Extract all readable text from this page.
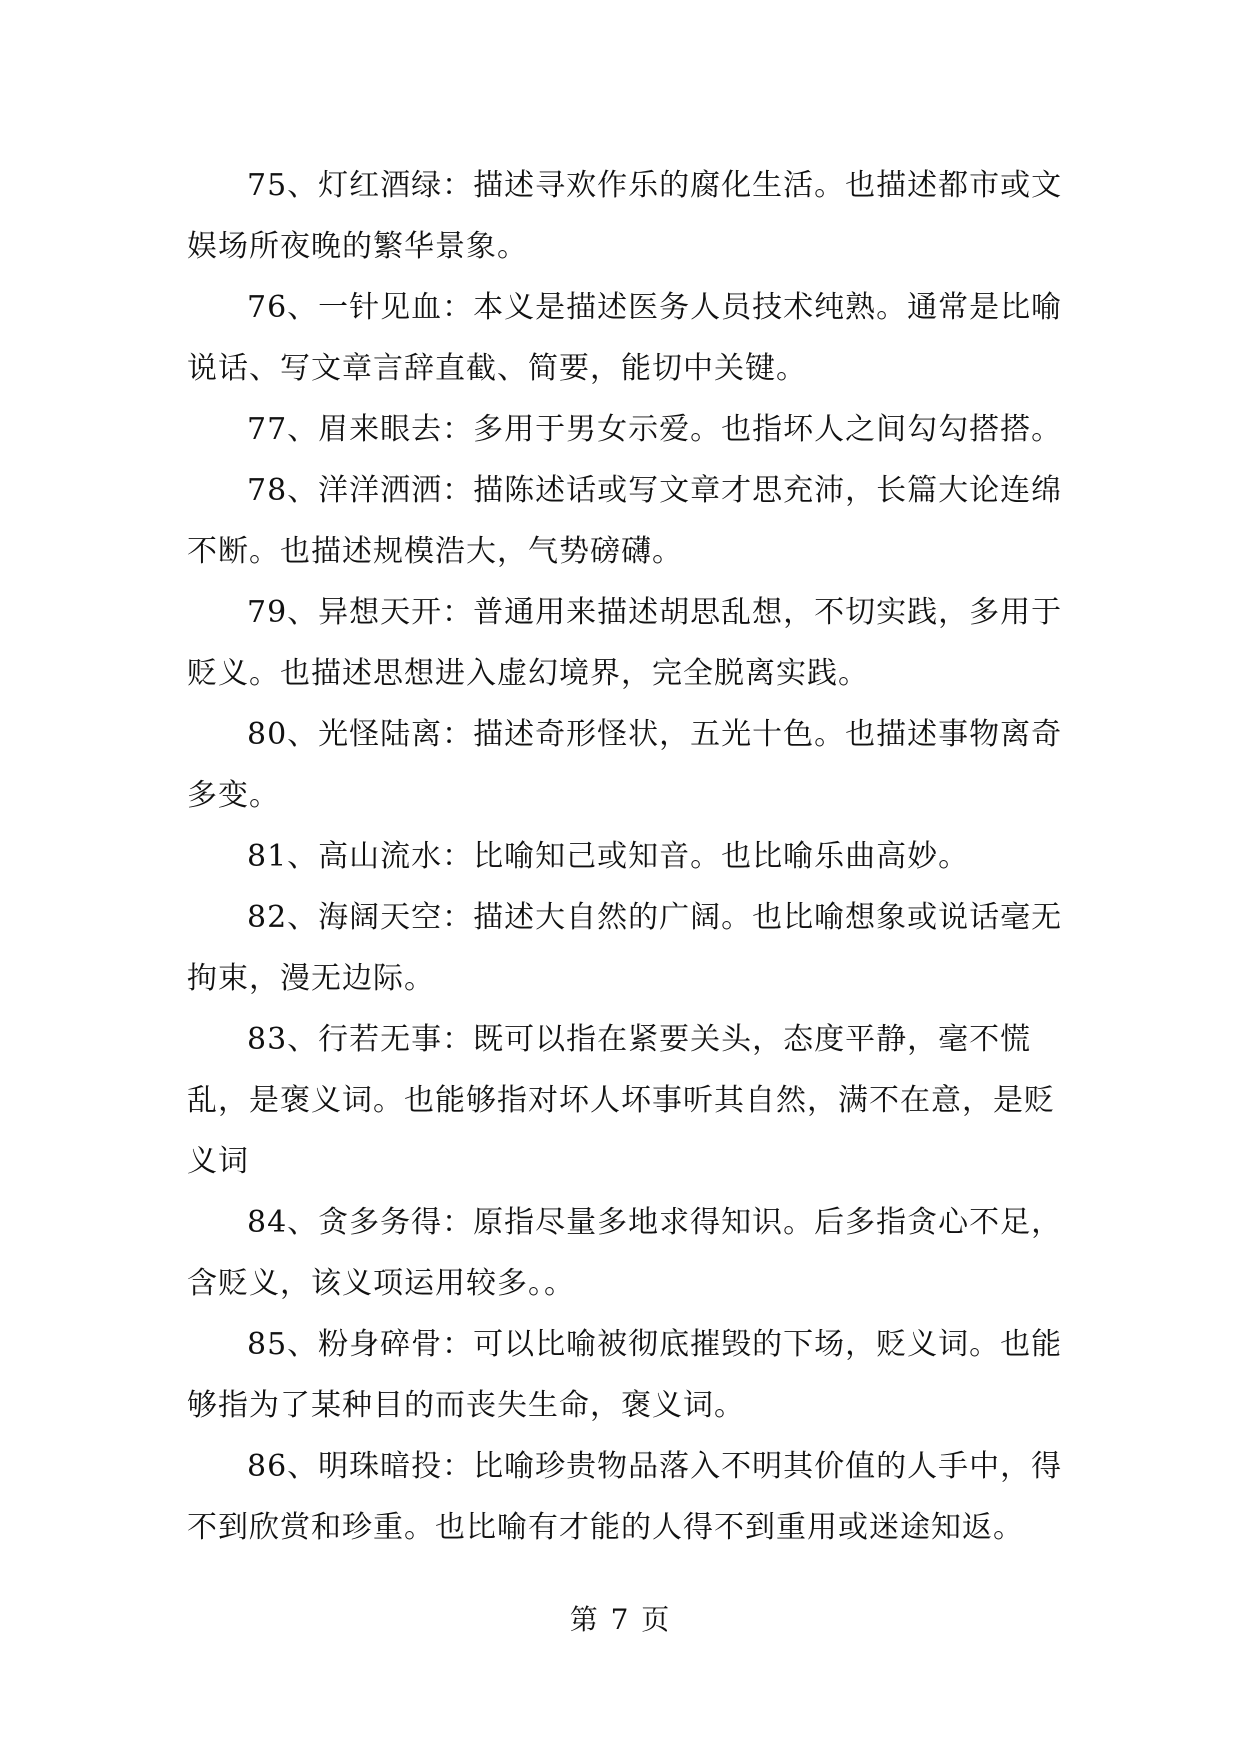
75、灯红酒绿：描述寻欢作乐的腐化生活。也描述都市或文娱场所夜晚的繁华景象。

76、一针见血：本义是描述医务人员技术纯熟。通常是比喻说话、写文章言辞直截、简要，能切中关键。

77、眉来眼去：多用于男女示爱。也指坏人之间勾勾搭搭。

78、洋洋洒洒：描陈述话或写文章才思充沛，长篇大论连绵不断。也描述规模浩大，气势磅礴。

79、异想天开：普通用来描述胡思乱想，不切实践，多用于贬义。也描述思想进入虚幻境界，完全脱离实践。

80、光怪陆离：描述奇形怪状，五光十色。也描述事物离奇多变。

81、高山流水：比喻知己或知音。也比喻乐曲高妙。

82、海阔天空：描述大自然的广阔。也比喻想象或说话毫无拘束，漫无边际。

83、行若无事：既可以指在紧要关头，态度平静，毫不慌乱，是褒义词。也能够指对坏人坏事听其自然，满不在意，是贬义词

84、贪多务得：原指尽量多地求得知识。后多指贪心不足，含贬义，该义项运用较多。。

85、粉身碎骨：可以比喻被彻底摧毁的下场，贬义词。也能够指为了某种目的而丧失生命，褒义词。

86、明珠暗投：比喻珍贵物品落入不明其价值的人手中，得不到欣赏和珍重。也比喻有才能的人得不到重用或迷途知返。

第 7 页
